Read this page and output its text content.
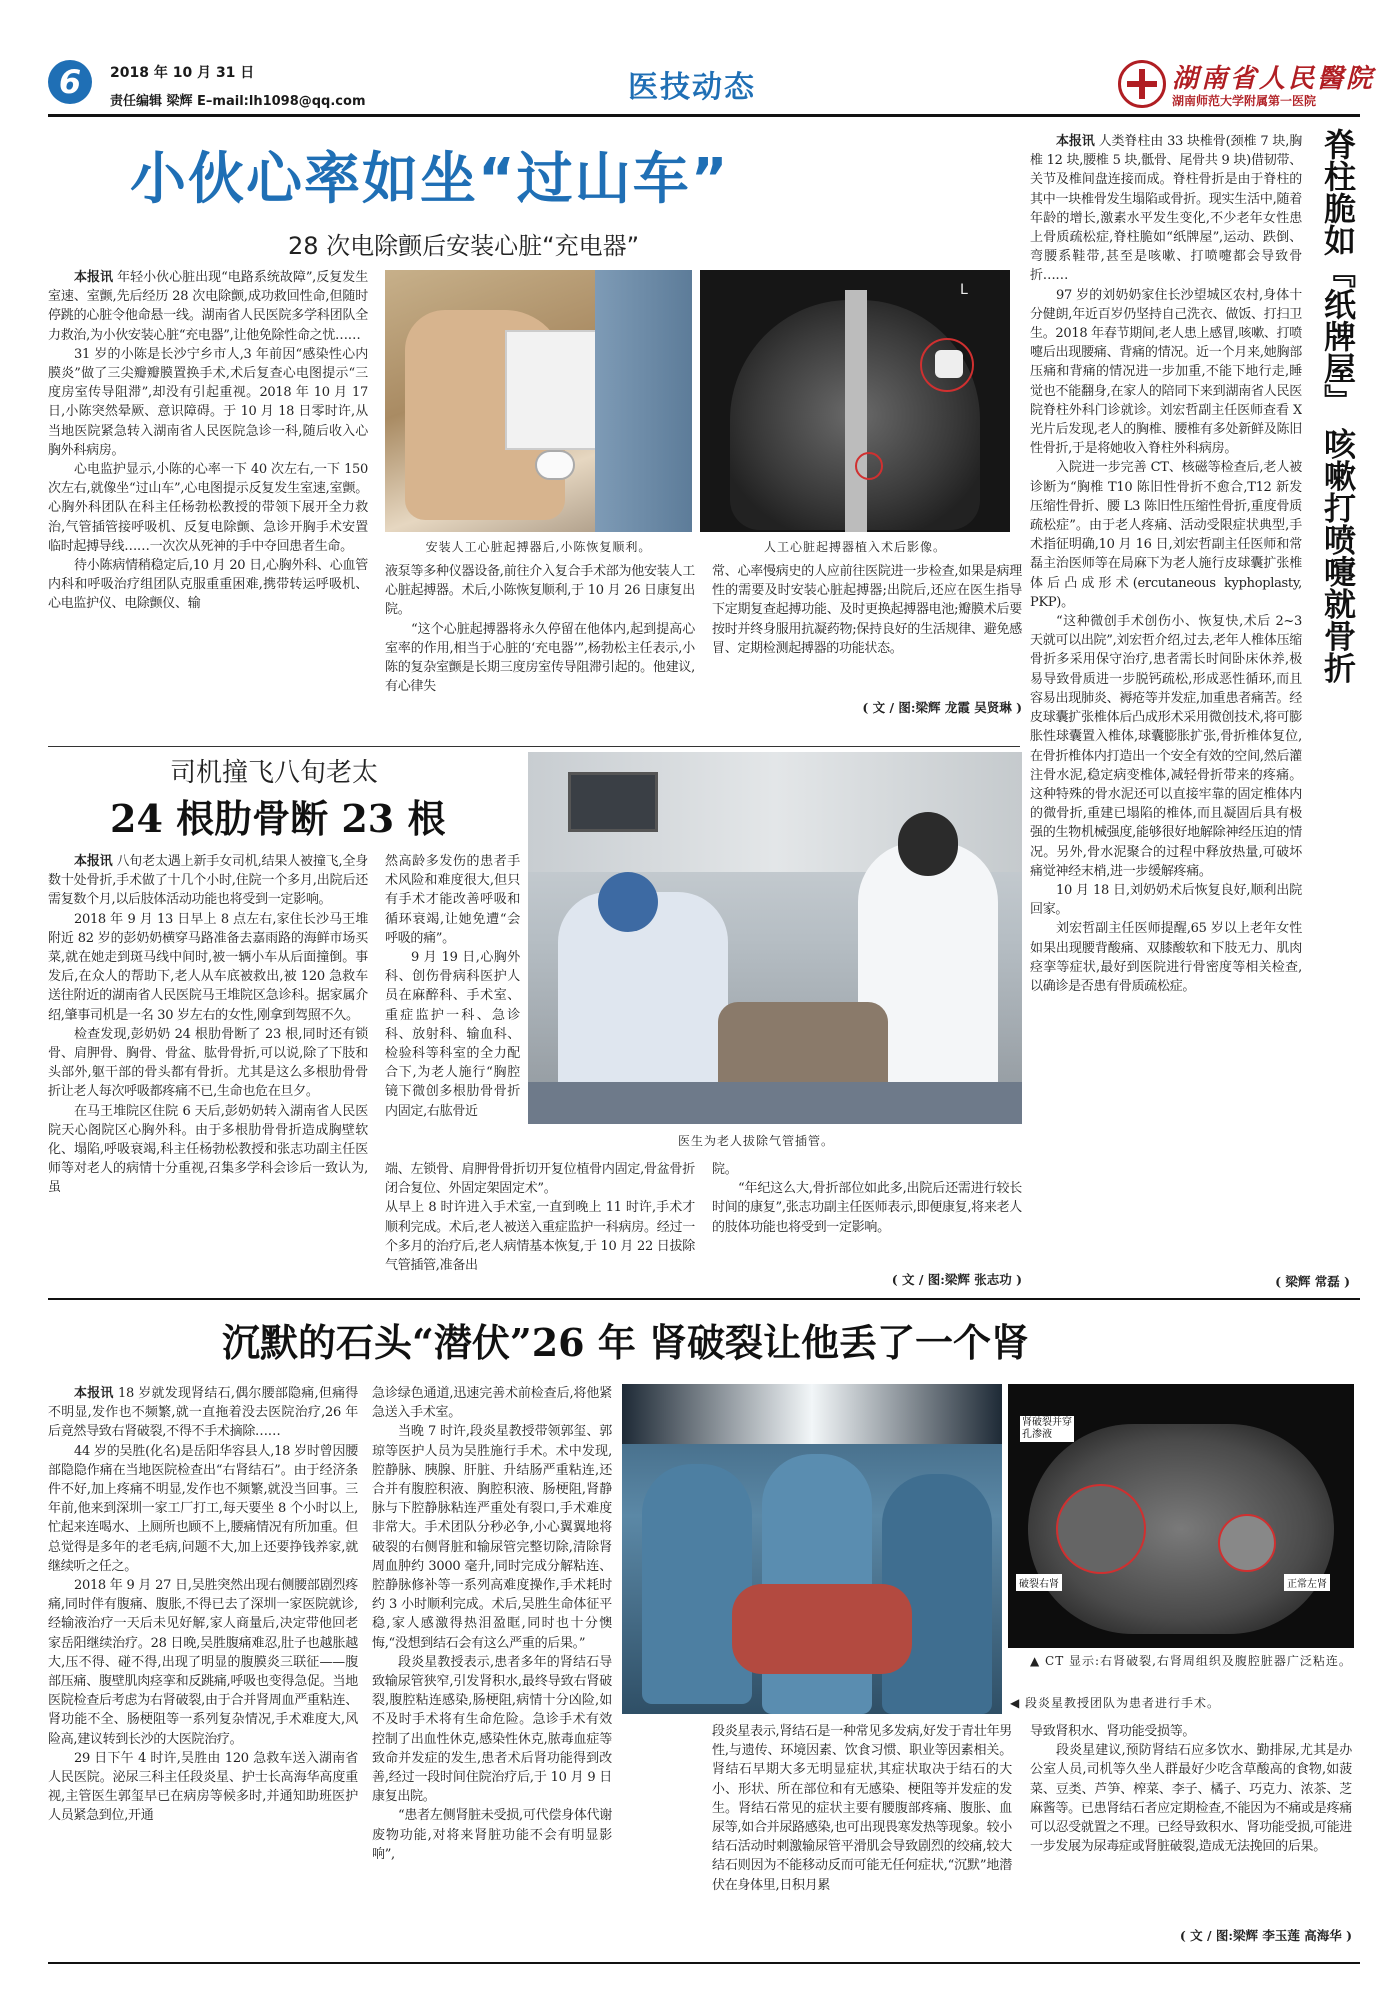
6	2018 年 10 月 31 日
责任编辑 梁辉 E–mail:lh1098@qq.com	医技动态	湖南省人民醫院
湖南师范大学附属第一医院
小伙心率如坐“过山车”
28 次电除颤后安装心脏“充电器”

本报讯 年轻小伙心脏出现“电路系统故障”,反复发生室速、室颤,先后经历 28 次电除颤,成功救回性命,但随时停跳的心脏令他命悬一线。湖南省人民医院多学科团队全力救治,为小伙安装心脏“充电器”,让他免除性命之忧……

31 岁的小陈是长沙宁乡市人,3 年前因“感染性心内膜炎”做了三尖瓣瓣膜置换手术,术后复查心电图提示“三度房室传导阻滞”,却没有引起重视。2018 年 10 月 17 日,小陈突然晕厥、意识障碍。于 10 月 18 日零时许,从当地医院紧急转入湖南省人民医院急诊一科,随后收入心胸外科病房。

心电监护显示,小陈的心率一下 40 次左右,一下 150 次左右,就像坐“过山车”,心电图提示反复发生室速,室颤。心胸外科团队在科主任杨勃松教授的带领下展开全力救治,气管插管接呼吸机、反复电除颤、急诊开胸手术安置临时起搏导线……一次次从死神的手中夺回患者生命。

待小陈病情稍稳定后,10 月 20 日,心胸外科、心血管内科和呼吸治疗组团队克服重重困难,携带转运呼吸机、心电监护仪、电除颤仪、输

安装人工心脏起搏器后,小陈恢复顺利。
L
人工心脏起搏器植入术后影像。

液泵等多种仪器设备,前往介入复合手术部为他安装人工心脏起搏器。术后,小陈恢复顺利,于 10 月 26 日康复出院。

“这个心脏起搏器将永久停留在他体内,起到提高心室率的作用,相当于心脏的‘充电器’”,杨勃松主任表示,小陈的复杂室颤是长期三度房室传导阻滞引起的。他建议,有心律失

常、心率慢病史的人应前往医院进一步检查,如果是病理性的需要及时安装心脏起搏器;出院后,还应在医生指导下定期复查起搏功能、及时更换起搏器电池;瓣膜术后要按时并终身服用抗凝药物;保持良好的生活规律、避免感冒、定期检测起搏器的功能状态。

( 文 / 图:梁辉 龙霞 吴贤琳 )
司机撞飞八旬老太
24 根肋骨断 23 根

本报讯 八旬老太遇上新手女司机,结果人被撞飞,全身数十处骨折,手术做了十几个小时,住院一个多月,出院后还需复数个月,以后肢体活动功能也将受到一定影响。

2018 年 9 月 13 日早上 8 点左右,家住长沙马王堆附近 82 岁的彭奶奶横穿马路准备去嘉雨路的海鲜市场买菜,就在她走到斑马线中间时,被一辆小车从后面撞倒。事发后,在众人的帮助下,老人从车底被救出,被 120 急救车送往附近的湖南省人民医院马王堆院区急诊科。据家属介绍,肇事司机是一名 30 岁左右的女性,刚拿到驾照不久。

检查发现,彭奶奶 24 根肋骨断了 23 根,同时还有锁骨、肩胛骨、胸骨、骨盆、肱骨骨折,可以说,除了下肢和头部外,躯干部的骨头都有骨折。尤其是这么多根肋骨骨折让老人每次呼吸都疼痛不已,生命也危在旦夕。

在马王堆院区住院 6 天后,彭奶奶转入湖南省人民医院天心阁院区心胸外科。由于多根肋骨骨折造成胸壁软化、塌陷,呼吸衰竭,科主任杨勃松教授和张志功副主任医师等对老人的病情十分重视,召集多学科会诊后一致认为,虽

然高龄多发伤的患者手术风险和难度很大,但只有手术才能改善呼吸和循环衰竭,让她免遭“会呼吸的痛”。

9 月 19 日,心胸外科、创伤骨病科医护人员在麻醉科、手术室、重症监护一科、急诊科、放射科、输血科、检验科等科室的全力配合下,为老人施行“胸腔镜下微创多根肋骨骨折内固定,右肱骨近

医生为老人拔除气管插管。

端、左锁骨、肩胛骨骨折切开复位植骨内固定,骨盆骨折闭合复位、外固定架固定术”。

从早上 8 时许进入手术室,一直到晚上 11 时许,手术才顺利完成。术后,老人被送入重症监护一科病房。经过一个多月的治疗后,老人病情基本恢复,于 10 月 22 日拔除气管插管,准备出

院。

“年纪这么大,骨折部位如此多,出院后还需进行较长时间的康复”,张志功副主任医师表示,即便康复,将来老人的肢体功能也将受到一定影响。

( 文 / 图:梁辉 张志功 )
脊柱脆如『纸牌屋』 咳嗽打喷嚏就骨折

本报讯 人类脊柱由 33 块椎骨(颈椎 7 块,胸椎 12 块,腰椎 5 块,骶骨、尾骨共 9 块)借韧带、关节及椎间盘连接而成。脊柱骨折是由于脊柱的其中一块椎骨发生塌陷或骨折。现实生活中,随着年龄的增长,激素水平发生变化,不少老年女性患上骨质疏松症,脊柱脆如“纸牌屋”,运动、跌倒、弯腰系鞋带,甚至是咳嗽、打喷嚏都会导致骨折……

97 岁的刘奶奶家住长沙望城区农村,身体十分健朗,年近百岁仍坚持自己洗衣、做饭、打扫卫生。2018 年春节期间,老人患上感冒,咳嗽、打喷嚏后出现腰痛、背痛的情况。近一个月来,她胸部压痛和背痛的情况进一步加重,不能下地行走,睡觉也不能翻身,在家人的陪同下来到湖南省人民医院脊柱外科门诊就诊。刘宏哲副主任医师查看 X 光片后发现,老人的胸椎、腰椎有多处新鲜及陈旧性骨折,于是将她收入脊柱外科病房。

入院进一步完善 CT、核磁等检查后,老人被诊断为“胸椎 T10 陈旧性骨折不愈合,T12 新发压缩性骨折、腰 L3 陈旧性压缩性骨折,重度骨质疏松症”。由于老人疼痛、活动受限症状典型,手术指征明确,10 月 16 日,刘宏哲副主任医师和常磊主治医师等在局麻下为老人施行皮球囊扩张椎体后凸成形术(ercutaneous kyphoplasty, PKP)。

“这种微创手术创伤小、恢复快,术后 2~3 天就可以出院”,刘宏哲介绍,过去,老年人椎体压缩骨折多采用保守治疗,患者需长时间卧床休养,极易导致骨质进一步脱钙疏松,形成恶性循环,而且容易出现肺炎、褥疮等并发症,加重患者痛苦。经皮球囊扩张椎体后凸成形术采用微创技术,将可膨胀性球囊置入椎体,球囊膨胀扩张,骨折椎体复位,在骨折椎体内打造出一个安全有效的空间,然后灌注骨水泥,稳定病变椎体,减轻骨折带来的疼痛。这种特殊的骨水泥还可以直接牢靠的固定椎体内的微骨折,重建已塌陷的椎体,而且凝固后具有极强的生物机械强度,能够很好地解除神经压迫的情况。另外,骨水泥聚合的过程中释放热量,可破坏痛觉神经末梢,进一步缓解疼痛。

10 月 18 日,刘奶奶术后恢复良好,顺利出院回家。

刘宏哲副主任医师提醒,65 岁以上老年女性如果出现腰背酸痛、双膝酸软和下肢无力、肌肉痉挛等症状,最好到医院进行骨密度等相关检查,以确诊是否患有骨质疏松症。

( 梁辉 常磊 )
沉默的石头“潜伏”26 年 肾破裂让他丢了一个肾

本报讯 18 岁就发现肾结石,偶尔腰部隐痛,但痛得不明显,发作也不频繁,就一直拖着没去医院治疗,26 年后竟然导致右肾破裂,不得不手术摘除……

44 岁的吴胜(化名)是岳阳华容县人,18 岁时曾因腰部隐隐作痛在当地医院检查出“右肾结石”。由于经济条件不好,加上疼痛不明显,发作也不频繁,就没当回事。三年前,他来到深圳一家工厂打工,每天要坐 8 个小时以上,忙起来连喝水、上厕所也顾不上,腰痛情况有所加重。但总觉得是多年的老毛病,问题不大,加上还要挣钱养家,就继续听之任之。

2018 年 9 月 27 日,吴胜突然出现右侧腰部剧烈疼痛,同时伴有腹痛、腹胀,不得已去了深圳一家医院就诊,经输液治疗一天后未见好解,家人商量后,决定带他回老家岳阳继续治疗。28 日晚,吴胜腹痛难忍,肚子也越胀越大,压不得、碰不得,出现了明显的腹膜炎三联征——腹部压痛、腹壁肌肉痉挛和反跳痛,呼吸也变得急促。当地医院检查后考虑为右肾破裂,由于合并肾周血严重粘连、肾功能不全、肠梗阻等一系列复杂情况,手术难度大,风险高,建议转到长沙的大医院治疗。

29 日下午 4 时许,吴胜由 120 急救车送入湖南省人民医院。泌尿三科主任段炎星、护士长高海华高度重视,主管医生郭玺早已在病房等候多时,并通知助班医护人员紧急到位,开通

急诊绿色通道,迅速完善术前检查后,将他紧急送入手术室。

当晚 7 时许,段炎星教授带领郭玺、郭琼等医护人员为吴胜施行手术。术中发现,腔静脉、胰腺、肝脏、升结肠严重粘连,还合并有腹腔积液、胸腔积液、肠梗阻,肾静脉与下腔静脉粘连严重处有裂口,手术难度非常大。手术团队分秒必争,小心翼翼地将破裂的右侧肾脏和输尿管完整切除,清除肾周血肿约 3000 毫升,同时完成分解粘连、腔静脉修补等一系列高难度操作,手术耗时约 3 小时顺利完成。术后,吴胜生命体征平稳,家人感激得热泪盈眶,同时也十分懊悔,“没想到结石会有这么严重的后果。”

段炎星教授表示,患者多年的肾结石导致输尿管狭窄,引发肾积水,最终导致右肾破裂,腹腔粘连感染,肠梗阻,病情十分凶险,如不及时手术将有生命危险。急诊手术有效控制了出血性休克,感染性休克,脓毒血症等致命并发症的发生,患者术后肾功能得到改善,经过一段时间住院治疗后,于 10 月 9 日康复出院。

“患者左侧肾脏未受损,可代偿身体代谢废物功能,对将来肾脏功能不会有明显影响”,

肾破裂并穿孔渗液
破裂右肾	正常左肾
▲ CT 显示:右肾破裂,右肾周组织及腹腔脏器广泛粘连。
◀ 段炎星教授团队为患者进行手术。

段炎星表示,肾结石是一种常见多发病,好发于青壮年男性,与遗传、环境因素、饮食习惯、职业等因素相关。肾结石早期大多无明显症状,其症状取决于结石的大小、形状、所在部位和有无感染、梗阻等并发症的发生。肾结石常见的症状主要有腰腹部疼痛、腹胀、血尿等,如合并尿路感染,也可出现畏寒发热等现象。较小结石活动时刺激输尿管平滑肌会导致剧烈的绞痛,较大结石则因为不能移动反而可能无任何症状,“沉默”地潜伏在身体里,日积月累

导致肾积水、肾功能受损等。

段炎星建议,预防肾结石应多饮水、勤排尿,尤其是办公室人员,司机等久坐人群最好少吃含草酸高的食物,如菠菜、豆类、芦笋、榨菜、李子、橘子、巧克力、浓茶、芝麻酱等。已患肾结石者应定期检查,不能因为不痛或是疼痛可以忍受就置之不理。已经导致积水、肾功能受损,可能进一步发展为尿毒症或肾脏破裂,造成无法挽回的后果。

( 文 / 图:梁辉 李玉莲 高海华 )
